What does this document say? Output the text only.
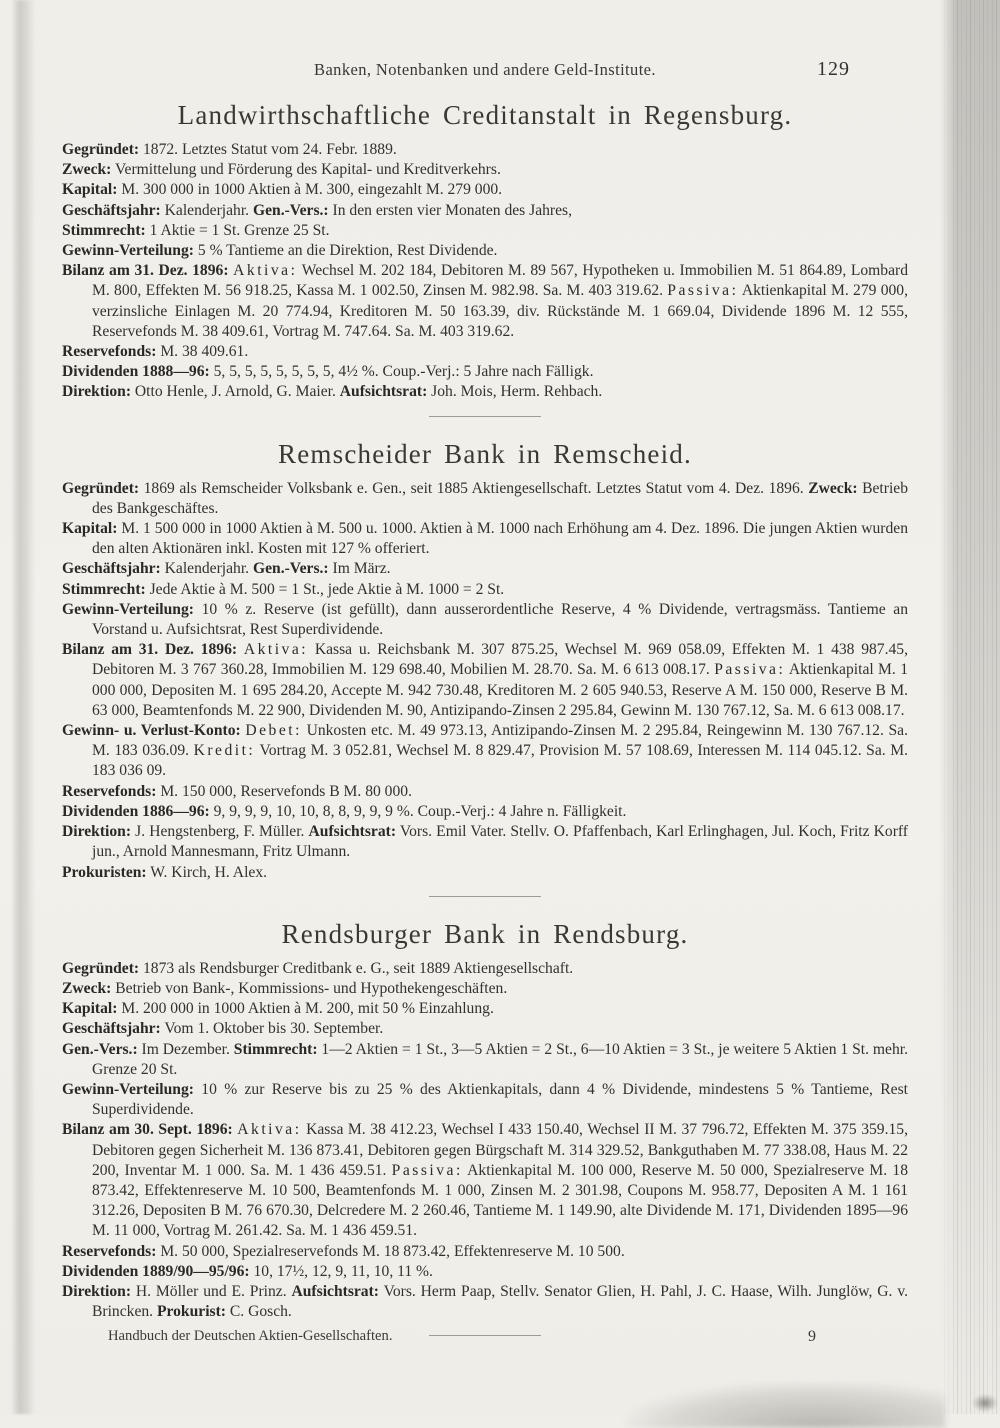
Banken, Notenbanken und andere Geld-Institute.	129
Landwirthschaftliche Creditanstalt in Regensburg.

Gegründet: 1872. Letztes Statut vom 24. Febr. 1889.

Zweck: Vermittelung und Förderung des Kapital- und Kreditverkehrs.

Kapital: M. 300 000 in 1000 Aktien à M. 300, eingezahlt M. 279 000.

Geschäftsjahr: Kalenderjahr. Gen.-Vers.: In den ersten vier Monaten des Jahres,

Stimmrecht: 1 Aktie = 1 St. Grenze 25 St.

Gewinn-Verteilung: 5 % Tantieme an die Direktion, Rest Dividende.

Bilanz am 31. Dez. 1896: Aktiva: Wechsel M. 202 184, Debitoren M. 89 567, Hypotheken u. Immobilien M. 51 864.89, Lombard M. 800, Effekten M. 56 918.25, Kassa M. 1 002.50, Zinsen M. 982.98. Sa. M. 403 319.62. Passiva: Aktienkapital M. 279 000, verzinsliche Einlagen M. 20 774.94, Kreditoren M. 50 163.39, div. Rückstände M. 1 669.04, Dividende 1896 M. 12 555, Reservefonds M. 38 409.61, Vortrag M. 747.64. Sa. M. 403 319.62.

Reservefonds: M. 38 409.61.

Dividenden 1888—96: 5, 5, 5, 5, 5, 5, 5, 5, 4½ %. Coup.-Verj.: 5 Jahre nach Fälligk.

Direktion: Otto Henle, J. Arnold, G. Maier. Aufsichtsrat: Joh. Mois, Herm. Rehbach.

Remscheider Bank in Remscheid.

Gegründet: 1869 als Remscheider Volksbank e. Gen., seit 1885 Aktiengesellschaft. Letztes Statut vom 4. Dez. 1896. Zweck: Betrieb des Bankgeschäftes.

Kapital: M. 1 500 000 in 1000 Aktien à M. 500 u. 1000. Aktien à M. 1000 nach Erhöhung am 4. Dez. 1896. Die jungen Aktien wurden den alten Aktionären inkl. Kosten mit 127 % offeriert.

Geschäftsjahr: Kalenderjahr. Gen.-Vers.: Im März.

Stimmrecht: Jede Aktie à M. 500 = 1 St., jede Aktie à M. 1000 = 2 St.

Gewinn-Verteilung: 10 % z. Reserve (ist gefüllt), dann ausserordentliche Reserve, 4 % Dividende, vertragsmäss. Tantieme an Vorstand u. Aufsichtsrat, Rest Superdividende.

Bilanz am 31. Dez. 1896: Aktiva: Kassa u. Reichsbank M. 307 875.25, Wechsel M. 969 058.09, Effekten M. 1 438 987.45, Debitoren M. 3 767 360.28, Immobilien M. 129 698.40, Mobilien M. 28.70. Sa. M. 6 613 008.17. Passiva: Aktienkapital M. 1 000 000, Depositen M. 1 695 284.20, Accepte M. 942 730.48, Kreditoren M. 2 605 940.53, Reserve A M. 150 000, Reserve B M. 63 000, Beamtenfonds M. 22 900, Dividenden M. 90, Antizipando-Zinsen 2 295.84, Gewinn M. 130 767.12, Sa. M. 6 613 008.17.

Gewinn- u. Verlust-Konto: Debet: Unkosten etc. M. 49 973.13, Antizipando-Zinsen M. 2 295.84, Reingewinn M. 130 767.12. Sa. M. 183 036.09. Kredit: Vortrag M. 3 052.81, Wechsel M. 8 829.47, Provision M. 57 108.69, Interessen M. 114 045.12. Sa. M. 183 036 09.

Reservefonds: M. 150 000, Reservefonds B M. 80 000.

Dividenden 1886—96: 9, 9, 9, 9, 10, 10, 8, 8, 9, 9, 9 %. Coup.-Verj.: 4 Jahre n. Fälligkeit.

Direktion: J. Hengstenberg, F. Müller. Aufsichtsrat: Vors. Emil Vater. Stellv. O. Pfaffenbach, Karl Erlinghagen, Jul. Koch, Fritz Korff jun., Arnold Mannesmann, Fritz Ulmann.

Prokuristen: W. Kirch, H. Alex.

Rendsburger Bank in Rendsburg.

Gegründet: 1873 als Rendsburger Creditbank e. G., seit 1889 Aktiengesellschaft.

Zweck: Betrieb von Bank-, Kommissions- und Hypothekengeschäften.

Kapital: M. 200 000 in 1000 Aktien à M. 200, mit 50 % Einzahlung.

Geschäftsjahr: Vom 1. Oktober bis 30. September.

Gen.-Vers.: Im Dezember. Stimmrecht: 1—2 Aktien = 1 St., 3—5 Aktien = 2 St., 6—10 Aktien = 3 St., je weitere 5 Aktien 1 St. mehr. Grenze 20 St.

Gewinn-Verteilung: 10 % zur Reserve bis zu 25 % des Aktienkapitals, dann 4 % Dividende, mindestens 5 % Tantieme, Rest Superdividende.

Bilanz am 30. Sept. 1896: Aktiva: Kassa M. 38 412.23, Wechsel I 433 150.40, Wechsel II M. 37 796.72, Effekten M. 375 359.15, Debitoren gegen Sicherheit M. 136 873.41, Debitoren gegen Bürgschaft M. 314 329.52, Bankguthaben M. 77 338.08, Haus M. 22 200, Inventar M. 1 000. Sa. M. 1 436 459.51. Passiva: Aktienkapital M. 100 000, Reserve M. 50 000, Spezialreserve M. 18 873.42, Effektenreserve M. 10 500, Beamtenfonds M. 1 000, Zinsen M. 2 301.98, Coupons M. 958.77, Depositen A M. 1 161 312.26, Depositen B M. 76 670.30, Delcredere M. 2 260.46, Tantieme M. 1 149.90, alte Dividende M. 171, Dividenden 1895—96 M. 11 000, Vortrag M. 261.42. Sa. M. 1 436 459.51.

Reservefonds: M. 50 000, Spezialreservefonds M. 18 873.42, Effektenreserve M. 10 500.

Dividenden 1889/90—95/96: 10, 17½, 12, 9, 11, 10, 11 %.

Direktion: H. Möller und E. Prinz. Aufsichtsrat: Vors. Herm Paap, Stellv. Senator Glien, H. Pahl, J. C. Haase, Wilh. Junglöw, G. v. Brincken. Prokurist: C. Gosch.

Handbuch der Deutschen Aktien-Gesellschaften.	9
